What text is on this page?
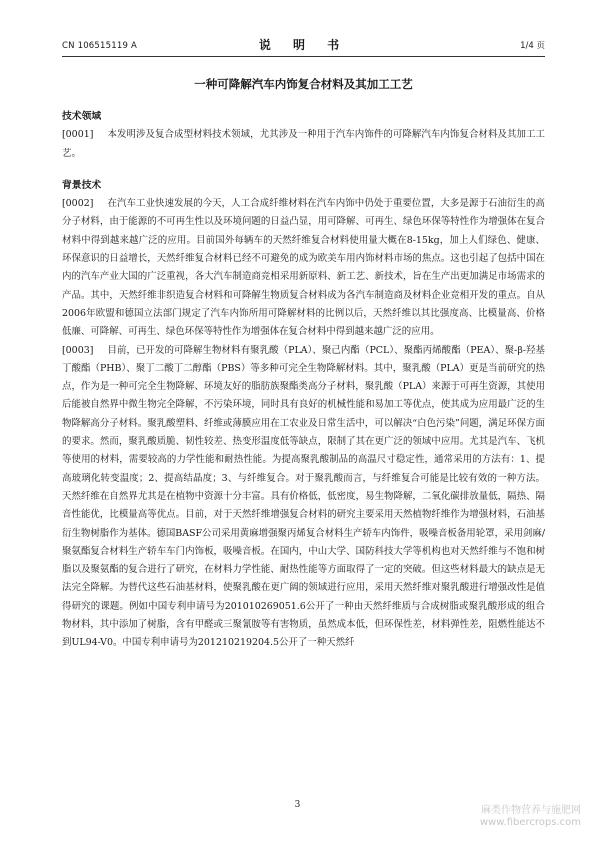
CN 106515119 A	说 明 书	1/4 页
一种可降解汽车内饰复合材料及其加工工艺

技术领域

[0001] 本发明涉及复合成型材料技术领域，尤其涉及一种用于汽车内饰件的可降解汽车内饰复合材料及其加工工艺。

背景技术

[0002] 在汽车工业快速发展的今天，人工合成纤维材料在汽车内饰中仍处于重要位置，大多是源于石油衍生的高分子材料，由于能源的不可再生性以及环境问题的日益凸显，用可降解、可再生、绿色环保等特性作为增强体在复合材料中得到越来越广泛的应用。目前国外每辆车的天然纤维复合材料使用量大概在8-15kg，加上人们绿色、健康、环保意识的日益增长，天然纤维复合材料已经不可避免的成为欧美车用内饰材料市场的焦点。这也引起了包括中国在内的汽车产业大国的广泛重视，各大汽车制造商竞相采用新原料、新工艺、新技术，旨在生产出更加满足市场需求的产品。其中，天然纤维非织造复合材料和可降解生物质复合材料成为各汽车制造商及材料企业竞相开发的重点。自从2006年欧盟和德国立法部门规定了汽车内饰所用可降解材料的比例以后，天然纤维以其比强度高、比模量高、价格低廉、可降解、可再生、绿色环保等特性作为增强体在复合材料中得到越来越广泛的应用。

[0003] 目前，已开发的可降解生物材料有聚乳酸（PLA）、聚己内酯（PCL）、聚酯丙烯酸酯（PEA）、聚-β-羟基丁酸酯（PHB）、聚丁二酸丁二醇酯（PBS）等多种可完全生物降解材料。其中，聚乳酸（PLA）更是当前研究的热点，作为是一种可完全生物降解、环境友好的脂肪族聚酯类高分子材料，聚乳酸（PLA）来源于可再生资源，其使用后能被自然界中微生物完全降解，不污染环境，同时具有良好的机械性能和易加工等优点，使其成为应用最广泛的生物降解高分子材料。聚乳酸塑料、纤维或薄膜应用在工农业及日常生活中，可以解决“白色污染”问题，满足环保方面的要求。然而，聚乳酸质脆、韧性较差、热变形温度低等缺点，限制了其在更广泛的领域中应用。尤其是汽车、飞机等使用的材料，需要较高的力学性能和耐热性能。为提高聚乳酸制品的高温尺寸稳定性，通常采用的方法有：1、提高玻璃化转变温度；2、提高结晶度；3、与纤维复合。对于聚乳酸而言，与纤维复合可能是比较有效的一种方法。天然纤维在自然界尤其是在植物中资源十分丰富。具有价格低，低密度，易生物降解，二氧化碳排放量低，隔热、隔音性能优，比模量高等优点。目前，对于天然纤维增强复合材料的研究主要采用天然植物纤维作为增强材料，石油基衍生物树脂作为基体。德国BASF公司采用黄麻增强聚丙烯复合材料生产轿车内饰件，吸噪音板备用轮罩，采用剑麻/聚氨酯复合材料生产轿车车门内饰板，吸噪音板。在国内，中山大学、国防科技大学等机构也对天然纤维与不饱和树脂以及聚氨酯的复合进行了研究，在材料力学性能、耐热性能等方面取得了一定的突破。但这些材料最大的缺点是无法完全降解。为替代这些石油基材料，使聚乳酸在更广阔的领域进行应用，采用天然纤维对聚乳酸进行增强改性是值得研究的课题。例如中国专利申请号为201010269051.6公开了一种由天然纤维质与合成树脂或聚乳酸形成的组合物材料，其中添加了树脂，含有甲醛或三聚氰胺等有害物质，虽然成本低，但环保性差，材料弹性差，阻燃性能达不到UL94-V0。中国专利申请号为201210219204.5公开了一种天然纤

3	麻类作物营养与施肥网
www.fibercrops.com
